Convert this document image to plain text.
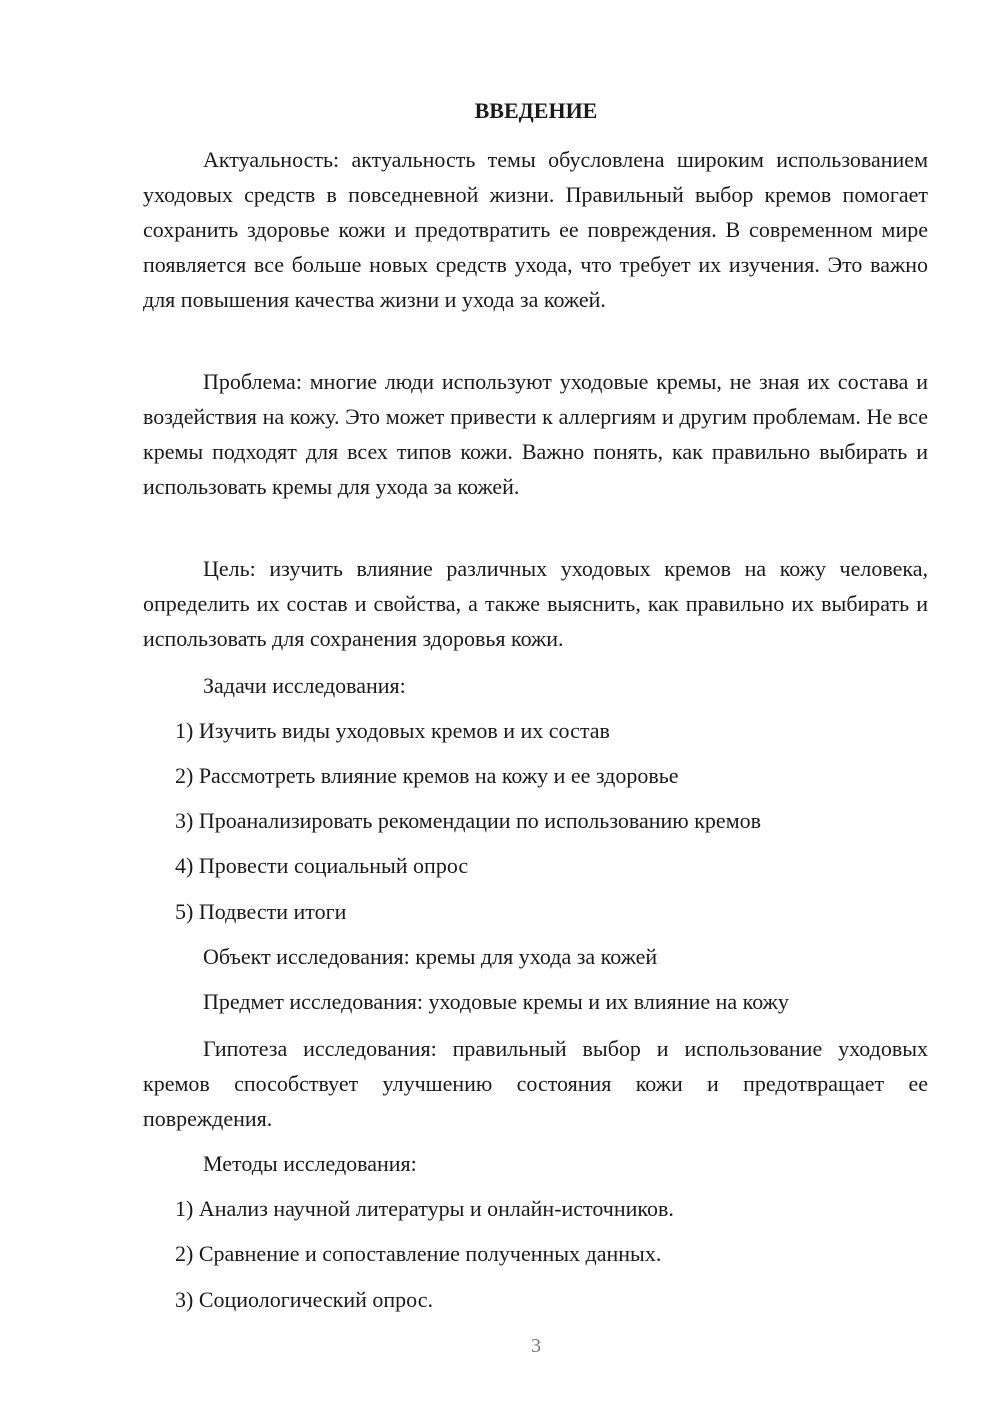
ВВЕДЕНИЕ

Актуальность: актуальность темы обусловлена широким использованием уходовых средств в повседневной жизни. Правильный выбор кремов помогает сохранить здоровье кожи и предотвратить ее повреждения. В современном мире появляется все больше новых средств ухода, что требует их изучения. Это важно для повышения качества жизни и ухода за кожей.

Проблема: многие люди используют уходовые кремы, не зная их состава и воздействия на кожу. Это может привести к аллергиям и другим проблемам. Не все кремы подходят для всех типов кожи. Важно понять, как правильно выбирать и использовать кремы для ухода за кожей.

Цель: изучить влияние различных уходовых кремов на кожу человека, определить их состав и свойства, а также выяснить, как правильно их выбирать и использовать для сохранения здоровья кожи.

Задачи исследования:
1) Изучить виды уходовых кремов и их состав
2) Рассмотреть влияние кремов на кожу и ее здоровье
3) Проанализировать рекомендации по использованию кремов
4) Провести социальный опрос
5) Подвести итоги
Объект исследования: кремы для ухода за кожей
Предмет исследования: уходовые кремы и их влияние на кожу

Гипотеза исследования: правильный выбор и использование уходовых кремов способствует улучшению состояния кожи и предотвращает ее повреждения.

Методы исследования:
1) Анализ научной литературы и онлайн-источников.
2) Сравнение и сопоставление полученных данных.
3) Социологический опрос.
3
